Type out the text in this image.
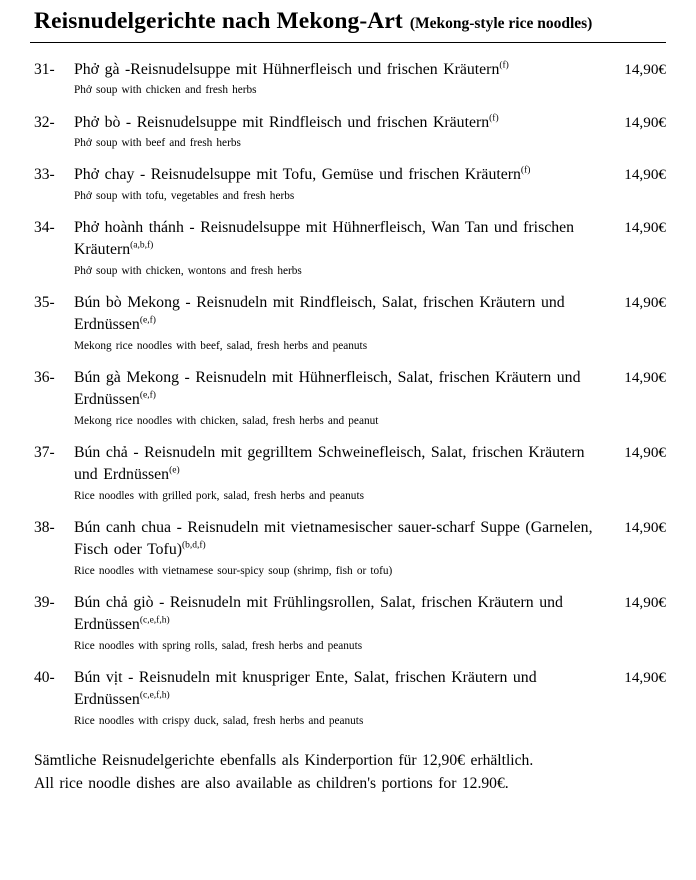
Reisnudelgerichte nach Mekong-Art (Mekong-style rice noodles)
31-	Phở gà -Reisnudelsuppe mit Hühnerfleisch und frischen Kräutern$^{(f)}$
Phở soup with chicken and fresh herbs
14,90€
32-	Phở bò - Reisnudelsuppe mit Rindfleisch und frischen Kräutern$^{(f)}$
Phở soup with beef and fresh herbs
14,90€
33-	Phở chay - Reisnudelsuppe mit Tofu, Gemüse und frischen Kräutern$^{(f)}$
Phở soup with tofu, vegetables and fresh herbs
14,90€
34-	Phở hoành thánh - Reisnudelsuppe mit Hühnerfleisch, Wan Tan und frischen Kräutern$^{(a,b,f)}$
Phở soup with chicken, wontons and fresh herbs
14,90€
35-	Bún bò Mekong - Reisnudeln mit Rindfleisch, Salat, frischen Kräutern und Erdnüssen$^{(e,f)}$
Mekong rice noodles with beef, salad, fresh herbs and peanuts
14,90€
36-	Bún gà Mekong - Reisnudeln mit Hühnerfleisch, Salat, frischen Kräutern und Erdnüssen$^{(e,f)}$
Mekong rice noodles with chicken, salad, fresh herbs and peanut
14,90€
37-	Bún chả - Reisnudeln mit gegrilltem Schweinefleisch, Salat, frischen Kräutern und Erdnüssen$^{(e)}$
Rice noodles with grilled pork, salad, fresh herbs and peanuts
14,90€
38-	Bún canh chua - Reisnudeln mit vietnamesischer sauer-scharf Suppe (Garnelen, Fisch oder Tofu)$^{(b,d,f)}$
Rice noodles with vietnamese sour-spicy soup (shrimp, fish or tofu)
14,90€
39-	Bún chả giò - Reisnudeln mit Frühlingsrollen, Salat, frischen Kräutern und Erdnüssen$^{(c,e,f,h)}$
Rice noodles with spring rolls, salad, fresh herbs and peanuts
14,90€
40-	Bún vịt - Reisnudeln mit knuspriger Ente, Salat, frischen Kräutern und Erdnüssen$^{(c,e,f,h)}$
Rice noodles with crispy duck, salad, fresh herbs and peanuts
14,90€
Sämtliche Reisnudelgerichte ebenfalls als Kinderportion für 12,90€ erhältlich.
All rice noodle dishes are also available as children's portions for 12.90€.
